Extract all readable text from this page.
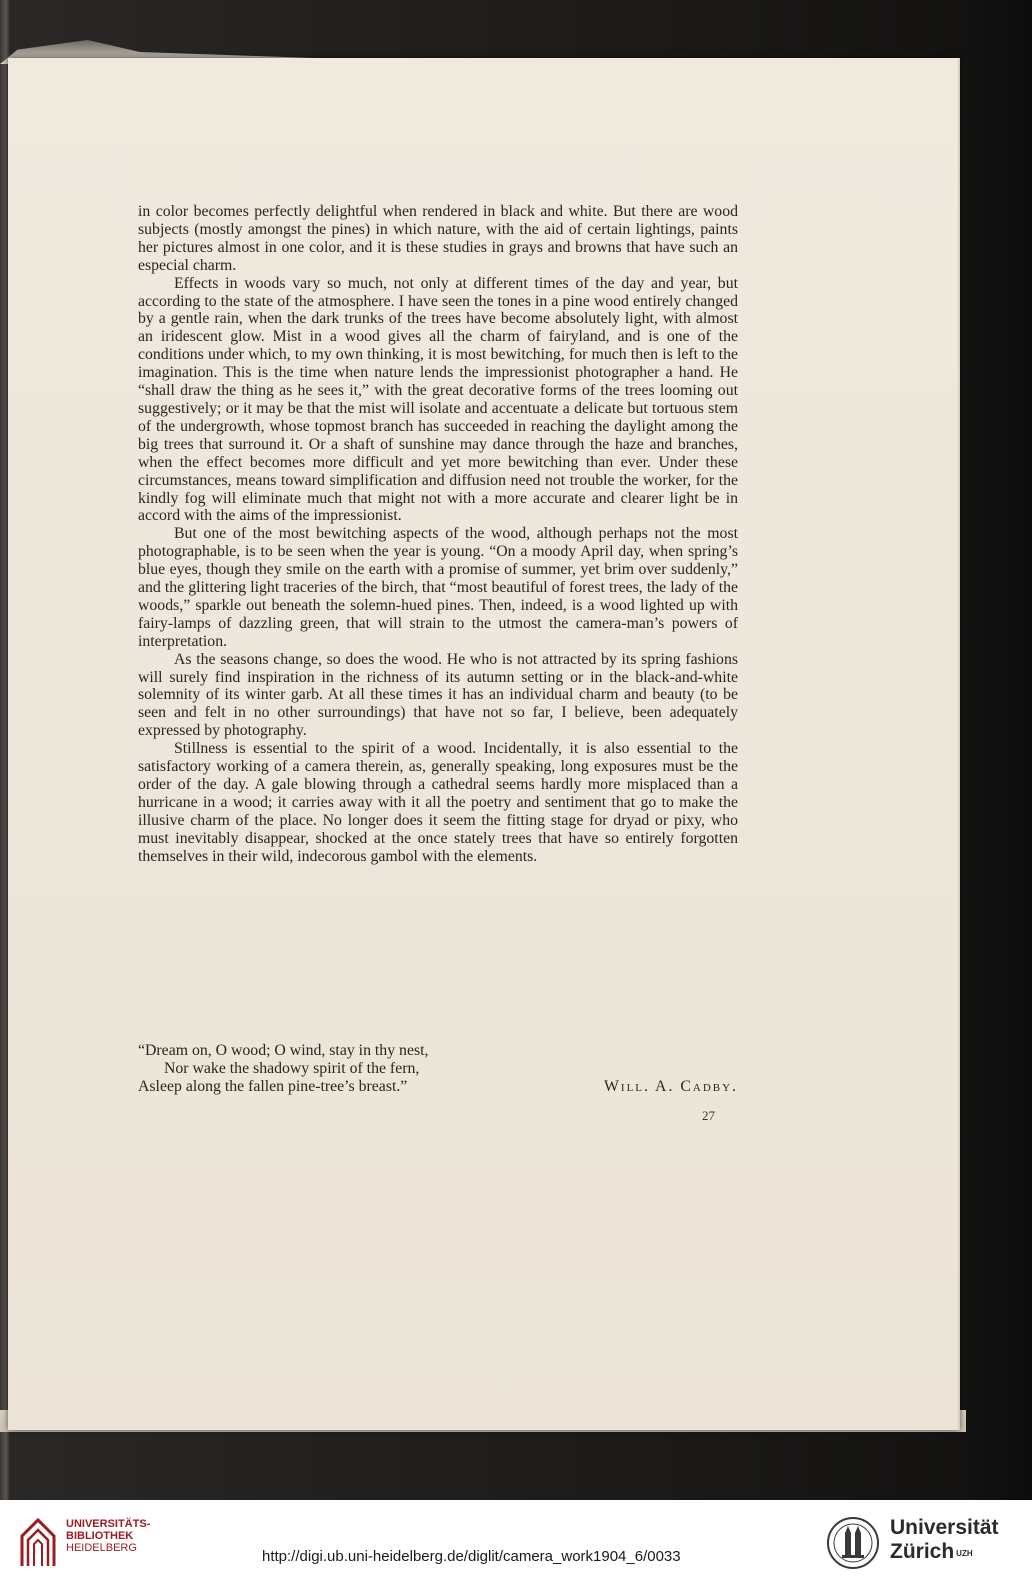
in color becomes perfectly delightful when rendered in black and white. But there are wood subjects (mostly amongst the pines) in which nature, with the aid of certain lightings, paints her pictures almost in one color, and it is these studies in grays and browns that have such an especial charm.

Effects in woods vary so much, not only at different times of the day and year, but according to the state of the atmosphere. I have seen the tones in a pine wood entirely changed by a gentle rain, when the dark trunks of the trees have become absolutely light, with almost an iridescent glow. Mist in a wood gives all the charm of fairyland, and is one of the conditions under which, to my own thinking, it is most bewitching, for much then is left to the imagination. This is the time when nature lends the impressionist photographer a hand. He “shall draw the thing as he sees it,” with the great decorative forms of the trees looming out suggestively; or it may be that the mist will isolate and accentuate a delicate but tortuous stem of the undergrowth, whose topmost branch has succeeded in reaching the daylight among the big trees that surround it. Or a shaft of sunshine may dance through the haze and branches, when the effect becomes more difficult and yet more bewitching than ever. Under these circumstances, means toward simplification and diffusion need not trouble the worker, for the kindly fog will eliminate much that might not with a more accurate and clearer light be in accord with the aims of the impressionist.

But one of the most bewitching aspects of the wood, although perhaps not the most photographable, is to be seen when the year is young. “On a moody April day, when spring’s blue eyes, though they smile on the earth with a promise of summer, yet brim over suddenly,” and the glittering light traceries of the birch, that “most beautiful of forest trees, the lady of the woods,” sparkle out beneath the solemn-hued pines. Then, indeed, is a wood lighted up with fairy-lamps of dazzling green, that will strain to the utmost the camera-man’s powers of interpretation.

As the seasons change, so does the wood. He who is not attracted by its spring fashions will surely find inspiration in the richness of its autumn setting or in the black-and-white solemnity of its winter garb. At all these times it has an individual charm and beauty (to be seen and felt in no other surroundings) that have not so far, I believe, been adequately expressed by photography.

Stillness is essential to the spirit of a wood. Incidentally, it is also essential to the satisfactory working of a camera therein, as, generally speaking, long exposures must be the order of the day. A gale blowing through a cathedral seems hardly more misplaced than a hurricane in a wood; it carries away with it all the poetry and sentiment that go to make the illusive charm of the place. No longer does it seem the fitting stage for dryad or pixy, who must inevitably disappear, shocked at the once stately trees that have so entirely forgotten themselves in their wild, indecorous gambol with the elements.

“Dream on, O wood; O wind, stay in thy nest,
Nor wake the shadowy spirit of the fern,
Asleep along the fallen pine-tree’s breast.”	Will. A. Cadby.
27
UNIVERSITÄTS-
BIBLIOTHEK
HEIDELBERG	http://digi.ub.uni-heidelberg.de/diglit/camera_work1904_6/0033
Universität
Zürich $^{UZH}$
